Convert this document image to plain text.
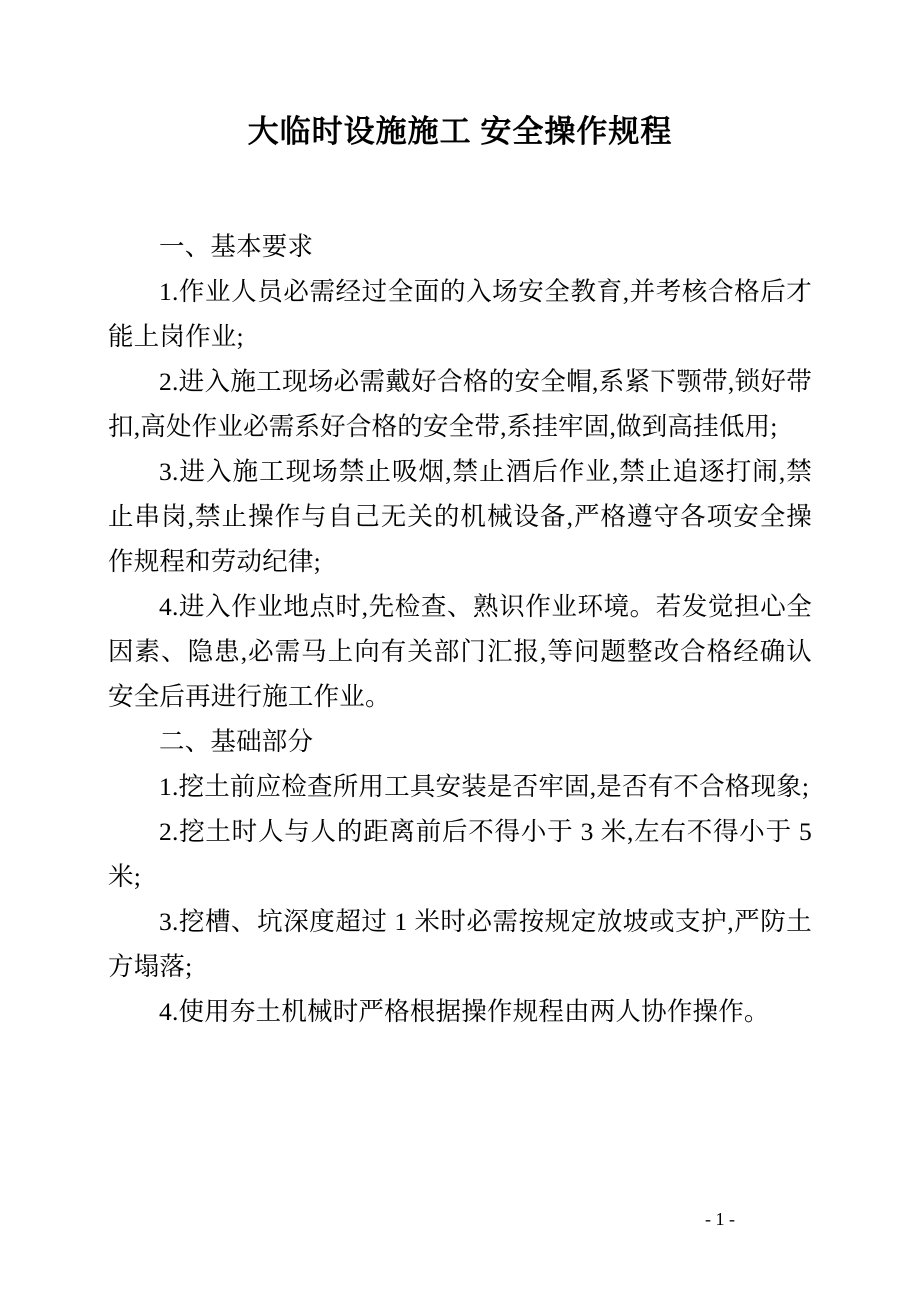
大临时设施施工 安全操作规程

一、基本要求

1.作业人员必需经过全面的入场安全教育,并考核合格后才能上岗作业;

2.进入施工现场必需戴好合格的安全帽,系紧下颚带,锁好带扣,高处作业必需系好合格的安全带,系挂牢固,做到高挂低用;

3.进入施工现场禁止吸烟,禁止酒后作业,禁止追逐打闹,禁止串岗,禁止操作与自己无关的机械设备,严格遵守各项安全操作规程和劳动纪律;

4.进入作业地点时,先检查、熟识作业环境。若发觉担心全因素、隐患,必需马上向有关部门汇报,等问题整改合格经确认安全后再进行施工作业。

二、基础部分

1.挖土前应检查所用工具安装是否牢固,是否有不合格现象;

2.挖土时人与人的距离前后不得小于 3 米,左右不得小于 5 米;

3.挖槽、坑深度超过 1 米时必需按规定放坡或支护,严防土方塌落;

4.使用夯土机械时严格根据操作规程由两人协作操作。

- 1 -
